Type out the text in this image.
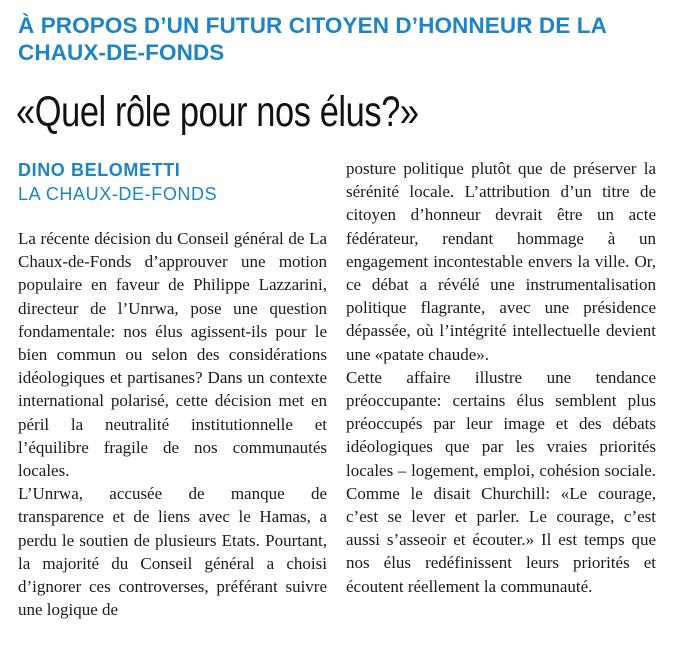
À PROPOS D’UN FUTUR CITOYEN D’HONNEUR DE LA CHAUX-DE-FONDS
«Quel rôle pour nos élus?»
DINO BELOMETTI
LA CHAUX-DE-FONDS

La récente décision du Conseil général de La Chaux-de-Fonds d’approuver une motion populaire en faveur de Philippe Lazzarini, directeur de l’Unrwa, pose une question fondamentale: nos élus agissent-ils pour le bien commun ou selon des considérations idéologiques et partisanes? Dans un contexte international polarisé, cette décision met en péril la neutralité institutionnelle et l’équilibre fragile de nos communautés locales.

L’Unrwa, accusée de manque de transparence et de liens avec le Hamas, a perdu le soutien de plusieurs Etats. Pourtant, la majorité du Conseil général a choisi d’ignorer ces controverses, préférant suivre une logique de

posture politique plutôt que de préserver la sérénité locale. L’attribution d’un titre de citoyen d’honneur devrait être un acte fédérateur, rendant hommage à un engagement incontestable envers la ville. Or, ce débat a révélé une instrumentalisation politique flagrante, avec une présidence dépassée, où l’intégrité intellectuelle devient une «patate chaude».

Cette affaire illustre une tendance préoccupante: certains élus semblent plus préoccupés par leur image et des débats idéologiques que par les vraies priorités locales – logement, emploi, cohésion sociale. Comme le disait Churchill: «Le courage, c’est se lever et parler. Le courage, c’est aussi s’asseoir et écouter.» Il est temps que nos élus redéfinissent leurs priorités et écoutent réellement la communauté.
